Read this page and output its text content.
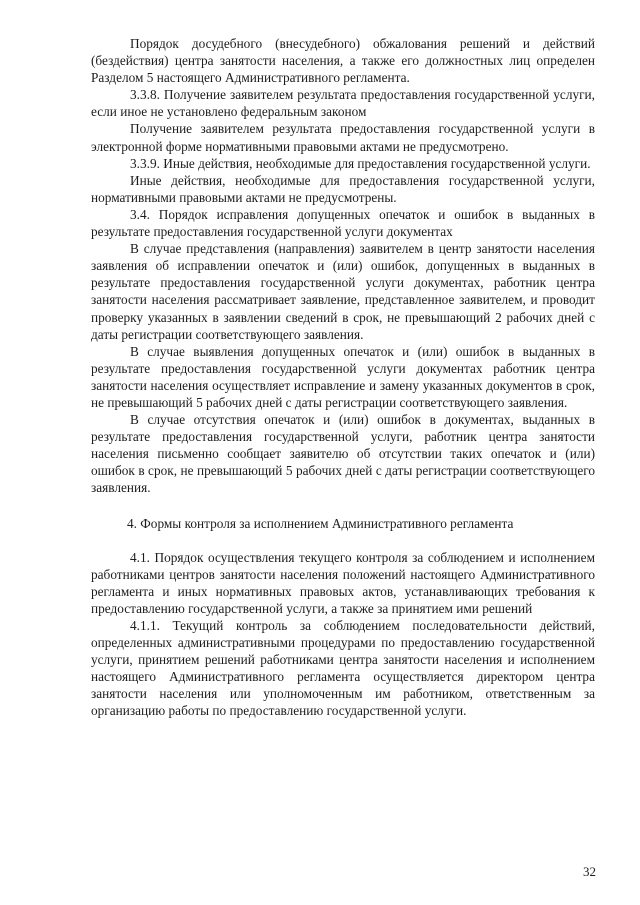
Порядок досудебного (внесудебного) обжалования решений и действий (бездействия) центра занятости населения, а также его должностных лиц определен Разделом 5 настоящего Административного регламента.

3.3.8. Получение заявителем результата предоставления государственной услуги, если иное не установлено федеральным законом

Получение заявителем результата предоставления государственной услуги в электронной форме нормативными правовыми актами не предусмотрено.

3.3.9. Иные действия, необходимые для предоставления государственной услуги.

Иные действия, необходимые для предоставления государственной услуги, нормативными правовыми актами не предусмотрены.

3.4. Порядок исправления допущенных опечаток и ошибок в выданных в результате предоставления государственной услуги документах

В случае представления (направления) заявителем в центр занятости населения заявления об исправлении опечаток и (или) ошибок, допущенных в выданных в результате предоставления государственной услуги документах, работник центра занятости населения рассматривает заявление, представленное заявителем, и проводит проверку указанных в заявлении сведений в срок, не превышающий 2 рабочих дней с даты регистрации соответствующего заявления.

В случае выявления допущенных опечаток и (или) ошибок в выданных в результате предоставления государственной услуги документах работник центра занятости населения осуществляет исправление и замену указанных документов в срок, не превышающий 5 рабочих дней с даты регистрации соответствующего заявления.

В случае отсутствия опечаток и (или) ошибок в документах, выданных в результате предоставления государственной услуги, работник центра занятости населения письменно сообщает заявителю об отсутствии таких опечаток и (или) ошибок в срок, не превышающий 5 рабочих дней с даты регистрации соответствующего заявления.

4. Формы контроля за исполнением Административного регламента

4.1. Порядок осуществления текущего контроля за соблюдением и исполнением работниками центров занятости населения положений настоящего Административного регламента и иных нормативных правовых актов, устанавливающих требования к предоставлению государственной услуги, а также за принятием ими решений

4.1.1. Текущий контроль за соблюдением последовательности действий, определенных административными процедурами по предоставлению государственной услуги, принятием решений работниками центра занятости населения и исполнением настоящего Административного регламента осуществляется директором центра занятости населения или уполномоченным им работником, ответственным за организацию работы по предоставлению государственной услуги.

32
